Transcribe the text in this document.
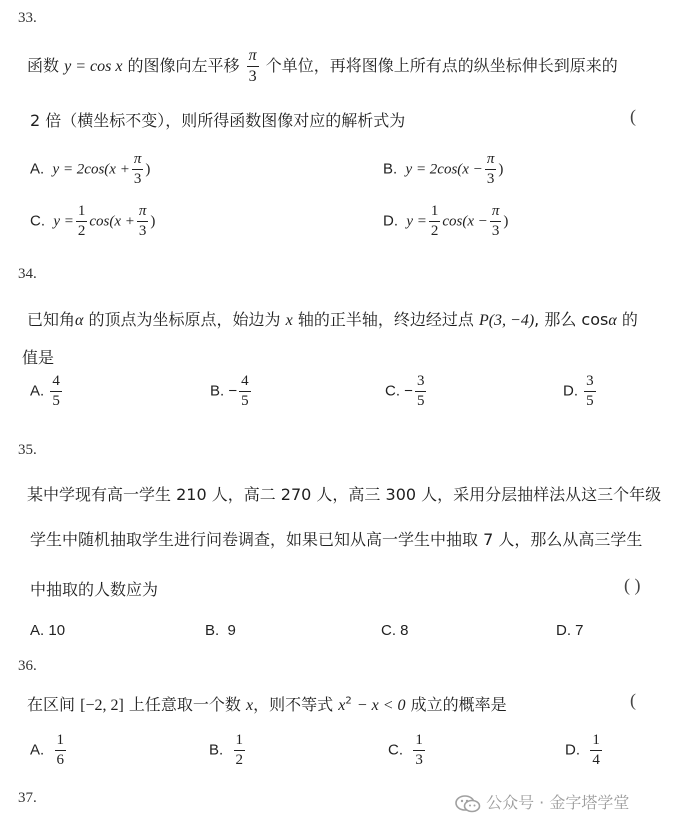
33.
函数 y = cos x 的图像向左平移 $\frac{\pi}{3}$ 个单位，再将图像上所有点的纵坐标伸长到原来的
2 倍（横坐标不变），则所得函数图像对应的解析式为	(
A. $y = 2\cos(x + \frac{\pi}{3}$ )	B. $y = 2\cos(x - \frac{\pi}{3}$ )
C. $y = \frac{1}{2} \cos(x + \frac{\pi}{3}$ )	D. $y = \frac{1}{2} \cos(x - \frac{\pi}{3}$ )
34.
已知角α 的顶点为坐标原点，始边为 x 轴的正半轴，终边经过点 P(3, −4), 那么 cosα 的
值是
A. $\frac{4}{5}$	B. − $\frac{4}{5}$	C. − $\frac{3}{5}$	D. $\frac{3}{5}$
35.
某中学现有高一学生 210 人，高二 270 人，高三 300 人，采用分层抽样法从这三个年级
学生中随机抽取学生进行问卷调查，如果已知从高一学生中抽取 7 人，那么从高三学生
中抽取的人数应为	( )
A. 10	B. 9	C. 8	D. 7
36.
在区间 [−2, 2] 上任意取一个数 x，则不等式 $x^2 - x < 0$ 成立的概率是	(
A. $\frac{1}{6}$	B. $\frac{1}{2}$	C. $\frac{1}{3}$	D. $\frac{1}{4}$
37.	公众号 · 金字塔学堂
